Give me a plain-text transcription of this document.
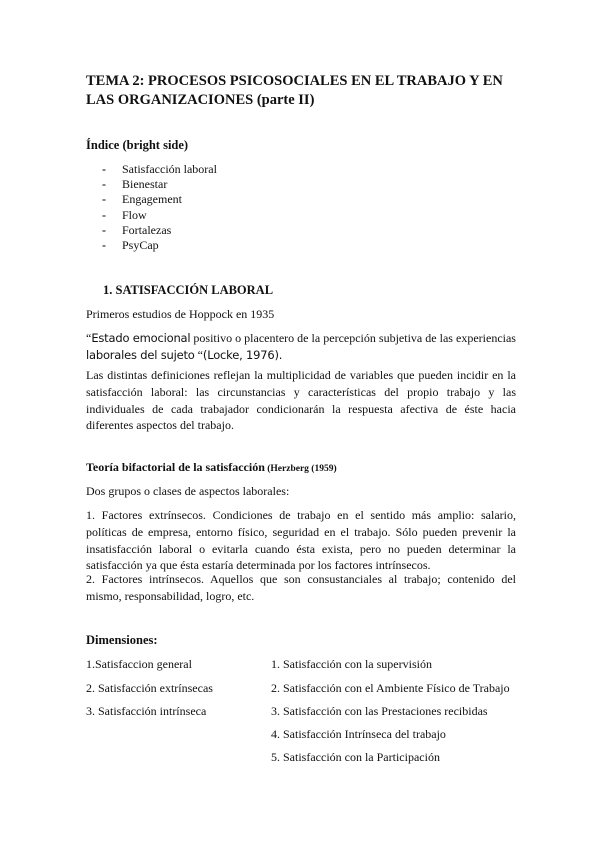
TEMA 2: PROCESOS PSICOSOCIALES EN EL TRABAJO Y EN LAS ORGANIZACIONES (parte II)
Índice (bright side)
- Satisfacción laboral
- Bienestar
- Engagement
- Flow
- Fortalezas
- PsyCap
1. SATISFACCIÓN LABORAL
Primeros estudios de Hoppock en 1935
“Estado emocional positivo o placentero de la percepción subjetiva de las experiencias laborales del sujeto “(Locke, 1976).
Las distintas definiciones reflejan la multiplicidad de variables que pueden incidir en la satisfacción laboral: las circunstancias y características del propio trabajo y las individuales de cada trabajador condicionarán la respuesta afectiva de éste hacia diferentes aspectos del trabajo.
Teoría bifactorial de la satisfacción (Herzberg (1959)
Dos grupos o clases de aspectos laborales:
1. Factores extrínsecos. Condiciones de trabajo en el sentido más amplio: salario, políticas de empresa, entorno físico, seguridad en el trabajo. Sólo pueden prevenir la insatisfacción laboral o evitarla cuando ésta exista, pero no pueden determinar la satisfacción ya que ésta estaría determinada por los factores intrínsecos.
2. Factores intrínsecos. Aquellos que son consustanciales al trabajo; contenido del mismo, responsabilidad, logro, etc.
Dimensiones:
1.Satisfaccion general
2. Satisfacción extrínsecas
3. Satisfacción intrínseca
1. Satisfacción con la supervisión
2. Satisfacción con el Ambiente Físico de Trabajo
3. Satisfacción con las Prestaciones recibidas
4. Satisfacción Intrínseca del trabajo
5. Satisfacción con la Participación
